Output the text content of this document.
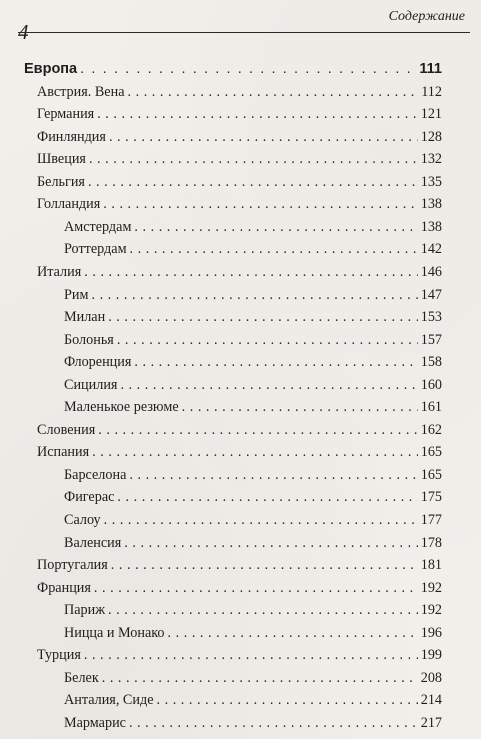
4
Содержание
Европа . . .	111
Австрия. Вена . . .	112
Германия . . .	121
Финляндия . . .	128
Швеция . . .	132
Бельгия . . .	135
Голландия . . .	138
Амстердам . . .	138
Роттердам . . .	142
Италия . . .	146
Рим . . .	147
Милан . . .	153
Болонья . . .	157
Флоренция . . .	158
Сицилия . . .	160
Маленькое резюме . . .	161
Словения . . .	162
Испания . . .	165
Барселона . . .	165
Фигерас . . .	175
Салоу . . .	177
Валенсия . . .	178
Португалия . . .	181
Франция . . .	192
Париж . . .	192
Ницца и Монако . . .	196
Турция . . .	199
Белек . . .	208
Анталия, Сиде . . .	214
Мармарис . . .	217
